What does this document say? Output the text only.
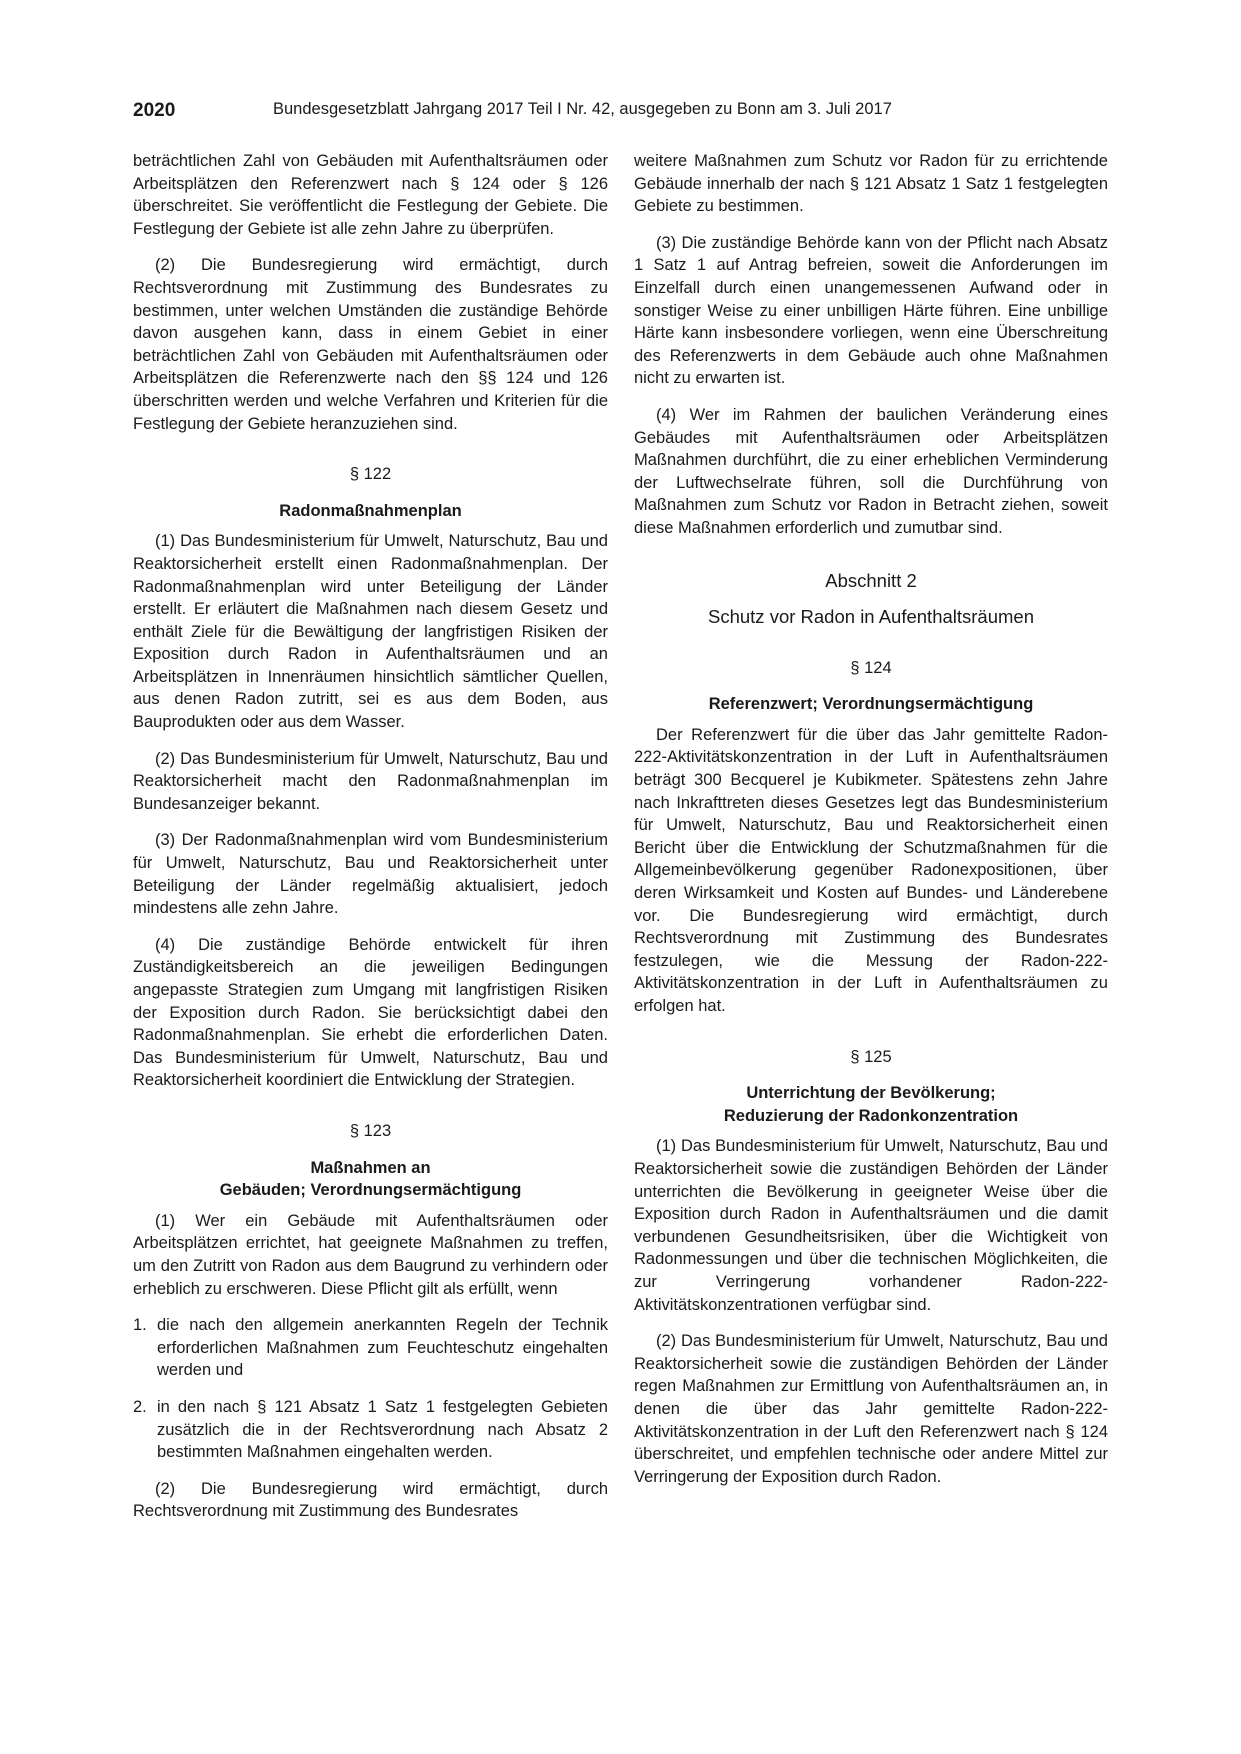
2020	Bundesgesetzblatt Jahrgang 2017 Teil I Nr. 42, ausgegeben zu Bonn am 3. Juli 2017

beträchtlichen Zahl von Gebäuden mit Aufenthaltsräumen oder Arbeitsplätzen den Referenzwert nach § 124 oder § 126 überschreitet. Sie veröffentlicht die Festlegung der Gebiete. Die Festlegung der Gebiete ist alle zehn Jahre zu überprüfen.

(2) Die Bundesregierung wird ermächtigt, durch Rechtsverordnung mit Zustimmung des Bundesrates zu bestimmen, unter welchen Umständen die zuständige Behörde davon ausgehen kann, dass in einem Gebiet in einer beträchtlichen Zahl von Gebäuden mit Aufenthaltsräumen oder Arbeitsplätzen die Referenzwerte nach den §§ 124 und 126 überschritten werden und welche Verfahren und Kriterien für die Festlegung der Gebiete heranzuziehen sind.

§ 122
Radonmaßnahmenplan

(1) Das Bundesministerium für Umwelt, Naturschutz, Bau und Reaktorsicherheit erstellt einen Radonmaßnahmenplan. Der Radonmaßnahmenplan wird unter Beteiligung der Länder erstellt. Er erläutert die Maßnahmen nach diesem Gesetz und enthält Ziele für die Bewältigung der langfristigen Risiken der Exposition durch Radon in Aufenthaltsräumen und an Arbeitsplätzen in Innenräumen hinsichtlich sämtlicher Quellen, aus denen Radon zutritt, sei es aus dem Boden, aus Bauprodukten oder aus dem Wasser.

(2) Das Bundesministerium für Umwelt, Naturschutz, Bau und Reaktorsicherheit macht den Radonmaßnahmenplan im Bundesanzeiger bekannt.

(3) Der Radonmaßnahmenplan wird vom Bundesministerium für Umwelt, Naturschutz, Bau und Reaktorsicherheit unter Beteiligung der Länder regelmäßig aktualisiert, jedoch mindestens alle zehn Jahre.

(4) Die zuständige Behörde entwickelt für ihren Zuständigkeitsbereich an die jeweiligen Bedingungen angepasste Strategien zum Umgang mit langfristigen Risiken der Exposition durch Radon. Sie berücksichtigt dabei den Radonmaßnahmenplan. Sie erhebt die erforderlichen Daten. Das Bundesministerium für Umwelt, Naturschutz, Bau und Reaktorsicherheit koordiniert die Entwicklung der Strategien.

§ 123
Maßnahmen an
Gebäuden; Verordnungsermächtigung

(1) Wer ein Gebäude mit Aufenthaltsräumen oder Arbeitsplätzen errichtet, hat geeignete Maßnahmen zu treffen, um den Zutritt von Radon aus dem Baugrund zu verhindern oder erheblich zu erschweren. Diese Pflicht gilt als erfüllt, wenn

1. die nach den allgemein anerkannten Regeln der Technik erforderlichen Maßnahmen zum Feuchteschutz eingehalten werden und
2. in den nach § 121 Absatz 1 Satz 1 festgelegten Gebieten zusätzlich die in der Rechtsverordnung nach Absatz 2 bestimmten Maßnahmen eingehalten werden.

(2) Die Bundesregierung wird ermächtigt, durch Rechtsverordnung mit Zustimmung des Bundesrates

weitere Maßnahmen zum Schutz vor Radon für zu errichtende Gebäude innerhalb der nach § 121 Absatz 1 Satz 1 festgelegten Gebiete zu bestimmen.

(3) Die zuständige Behörde kann von der Pflicht nach Absatz 1 Satz 1 auf Antrag befreien, soweit die Anforderungen im Einzelfall durch einen unangemessenen Aufwand oder in sonstiger Weise zu einer unbilligen Härte führen. Eine unbillige Härte kann insbesondere vorliegen, wenn eine Überschreitung des Referenzwerts in dem Gebäude auch ohne Maßnahmen nicht zu erwarten ist.

(4) Wer im Rahmen der baulichen Veränderung eines Gebäudes mit Aufenthaltsräumen oder Arbeitsplätzen Maßnahmen durchführt, die zu einer erheblichen Verminderung der Luftwechselrate führen, soll die Durchführung von Maßnahmen zum Schutz vor Radon in Betracht ziehen, soweit diese Maßnahmen erforderlich und zumutbar sind.

Abschnitt 2
Schutz vor Radon in Aufenthaltsräumen
§ 124
Referenzwert; Verordnungsermächtigung

Der Referenzwert für die über das Jahr gemittelte Radon-222-Aktivitätskonzentration in der Luft in Aufenthaltsräumen beträgt 300 Becquerel je Kubikmeter. Spätestens zehn Jahre nach Inkrafttreten dieses Gesetzes legt das Bundesministerium für Umwelt, Naturschutz, Bau und Reaktorsicherheit einen Bericht über die Entwicklung der Schutzmaßnahmen für die Allgemeinbevölkerung gegenüber Radonexpositionen, über deren Wirksamkeit und Kosten auf Bundes- und Länderebene vor. Die Bundesregierung wird ermächtigt, durch Rechtsverordnung mit Zustimmung des Bundesrates festzulegen, wie die Messung der Radon-222-Aktivitätskonzentration in der Luft in Aufenthaltsräumen zu erfolgen hat.

§ 125
Unterrichtung der Bevölkerung;
Reduzierung der Radonkonzentration

(1) Das Bundesministerium für Umwelt, Naturschutz, Bau und Reaktorsicherheit sowie die zuständigen Behörden der Länder unterrichten die Bevölkerung in geeigneter Weise über die Exposition durch Radon in Aufenthaltsräumen und die damit verbundenen Gesundheitsrisiken, über die Wichtigkeit von Radonmessungen und über die technischen Möglichkeiten, die zur Verringerung vorhandener Radon-222-Aktivitätskonzentrationen verfügbar sind.

(2) Das Bundesministerium für Umwelt, Naturschutz, Bau und Reaktorsicherheit sowie die zuständigen Behörden der Länder regen Maßnahmen zur Ermittlung von Aufenthaltsräumen an, in denen die über das Jahr gemittelte Radon-222-Aktivitätskonzentration in der Luft den Referenzwert nach § 124 überschreitet, und empfehlen technische oder andere Mittel zur Verringerung der Exposition durch Radon.
